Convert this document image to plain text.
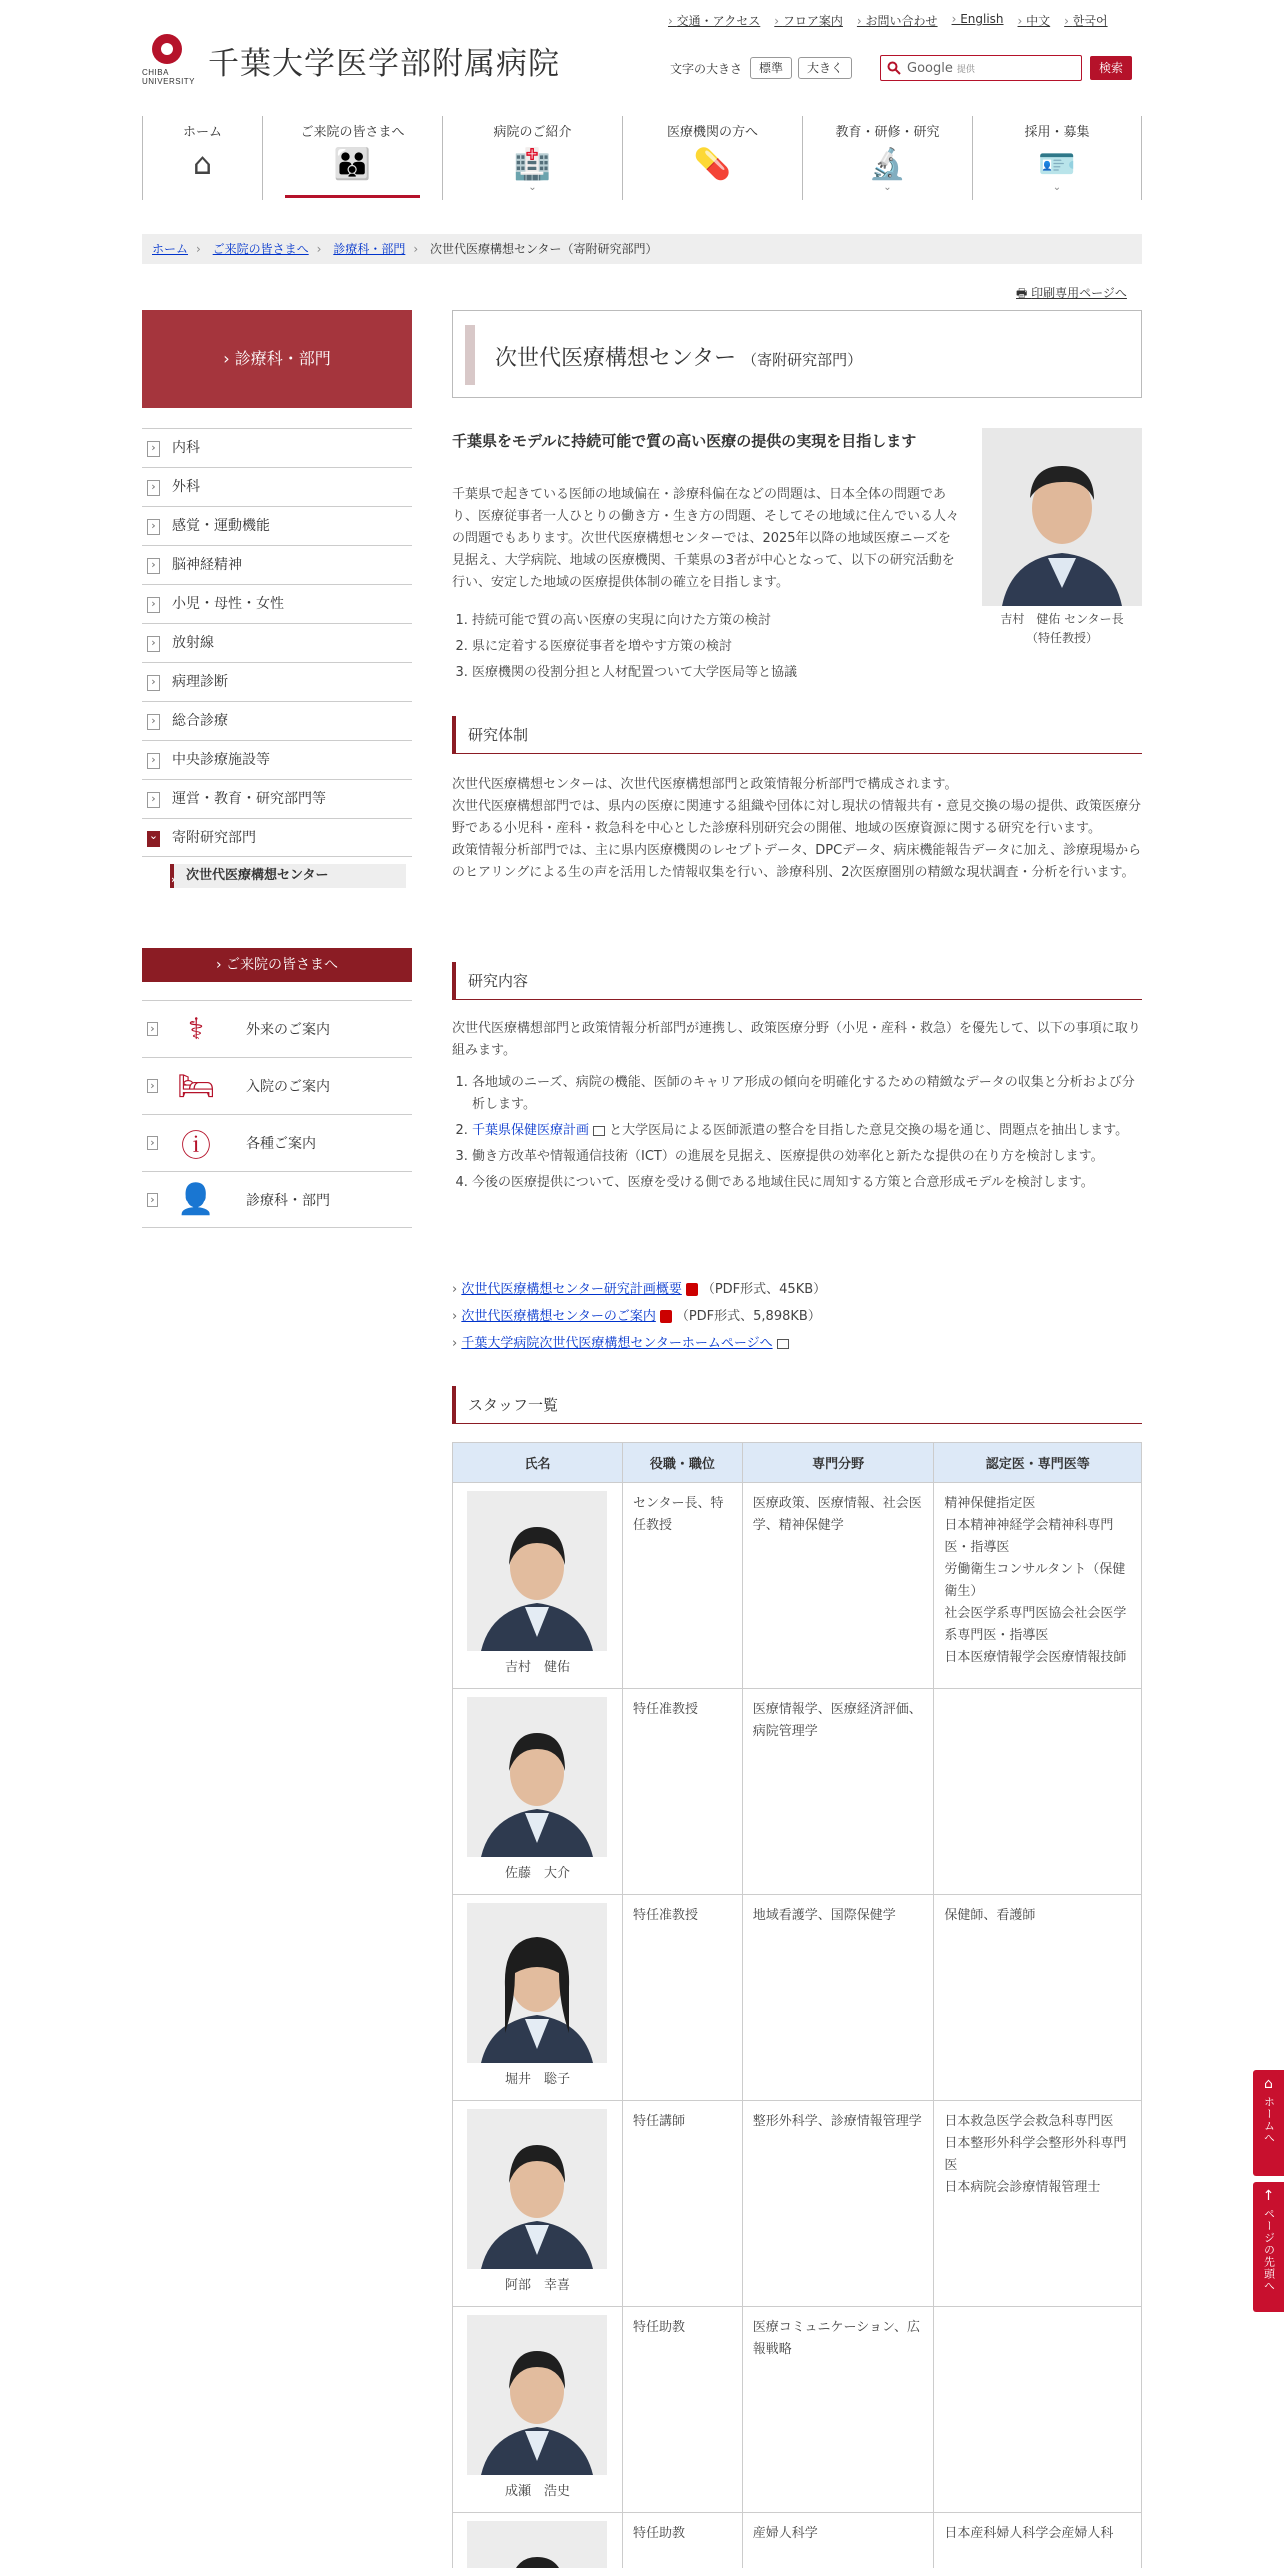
CHIBA UNIVERSITY 千葉大学医学部附属病院
› 交通・アクセス	› フロア案内	› お問い合わせ	› English	› 中文	› 한국어
文字の大きさ	標準	大きく	Google 提供	検索
ホーム
⌂
ご来院の皆さまへ
👪
病院のご紹介
🏥
⌄
医療機関の方へ
💊
教育・研修・研究
🔬
⌄
採用・募集
🪪
⌄
ホーム › ご来院の皆さまへ › 診療科・部門 › 次世代医療構想センター（寄附研究部門）
› 診療科・部門
› 内科
› 外科
› 感覚・運動機能
› 脳神経精神
› 小児・母性・女性
› 放射線
› 病理診断
› 総合診療
› 中央診療施設等
› 運営・教育・研究部門等
⌄ 寄附研究部門
› 次世代医療構想センター
› ご来院の皆さまへ
›	⚕	外来のご案内
› 🛏 入院のご案内
› ⓘ	各種ご案内
› 👤 診療科・部門
🖶 印刷専用ページへ
次世代医療構想センター （寄附研究部門）
千葉県をモデルに持続可能で質の高い医療の提供の実現を目指します
千葉県で起きている医師の地域偏在・診療科偏在などの問題は、日本全体の問題であり、医療従事者一人ひとりの働き方・生き方の問題、そしてその地域に住んでいる人々の問題でもあります。次世代医療構想センターでは、2025年以降の地域医療ニーズを見据え、大学病院、地域の医療機関、千葉県の3者が中心となって、以下の研究活動を行い、安定した地域の医療提供体制の確立を目指します。
1. 持続可能で質の高い医療の実現に向けた方策の検討
2. 県に定着する医療従事者を増やす方策の検討
3. 医療機関の役割分担と人材配置ついて大学医局等と協議
吉村　健佑 センター長
（特任教授）
研究体制
次世代医療構想センターは、次世代医療構想部門と政策情報分析部門で構成されます。
次世代医療構想部門では、県内の医療に関連する組織や団体に対し現状の情報共有・意見交換の場の提供、政策医療分野である小児科・産科・救急科を中心とした診療科別研究会の開催、地域の医療資源に関する研究を行います。
政策情報分析部門では、主に県内医療機関のレセプトデータ、DPCデータ、病床機能報告データに加え、診療現場からのヒアリングによる生の声を活用した情報収集を行い、診療科別、2次医療圏別の精緻な現状調査・分析を行います。
研究内容
次世代医療構想部門と政策情報分析部門が連携し、政策医療分野（小児・産科・救急）を優先して、以下の事項に取り組みます。
1. 各地域のニーズ、病院の機能、医師のキャリア形成の傾向を明確化するための精緻なデータの収集と分析および分析します。
2. 千葉県保健医療計画 と大学医局による医師派遣の整合を目指した意見交換の場を通じ、問題点を抽出します。
3. 働き方改革や情報通信技術（ICT）の進展を見据え、医療提供の効率化と新たな提供の在り方を検討します。
4. 今後の医療提供について、医療を受ける側である地域住民に周知する方策と合意形成モデルを検討します。
› 次世代医療構想センター研究計画概要 （PDF形式、45KB）
› 次世代医療構想センターのご案内 （PDF形式、5,898KB）
› 千葉大学病院次世代医療構想センターホームページへ
スタッフ一覧
氏名	役職・職位	専門分野	認定医・専門医等

吉村　健佑	センター長、特任教授	医療政策、医療情報、社会医学、精神保健学	精神保健指定医
日本精神神経学会精神科専門医・指導医
労働衛生コンサルタント（保健衛生）
社会医学系専門医協会社会医学系専門医・指導医
日本医療情報学会医療情報技師

佐藤　大介	特任准教授	医療情報学、医療経済評価、病院管理学	

堀井　聡子	特任准教授	地域看護学、国際保健学	保健師、看護師

阿部　幸喜	特任講師	整形外科学、診療情報管理学	日本救急医学会救急科専門医
日本整形外科学会整形外科専門医
日本病院会診療情報管理士

成瀬　浩史	特任助教	医療コミュニケーション、広報戦略	

	特任助教	産婦人科学	日本産科婦人科学会産婦人科
⌂
ホームへ
↑
ページの先頭へ
